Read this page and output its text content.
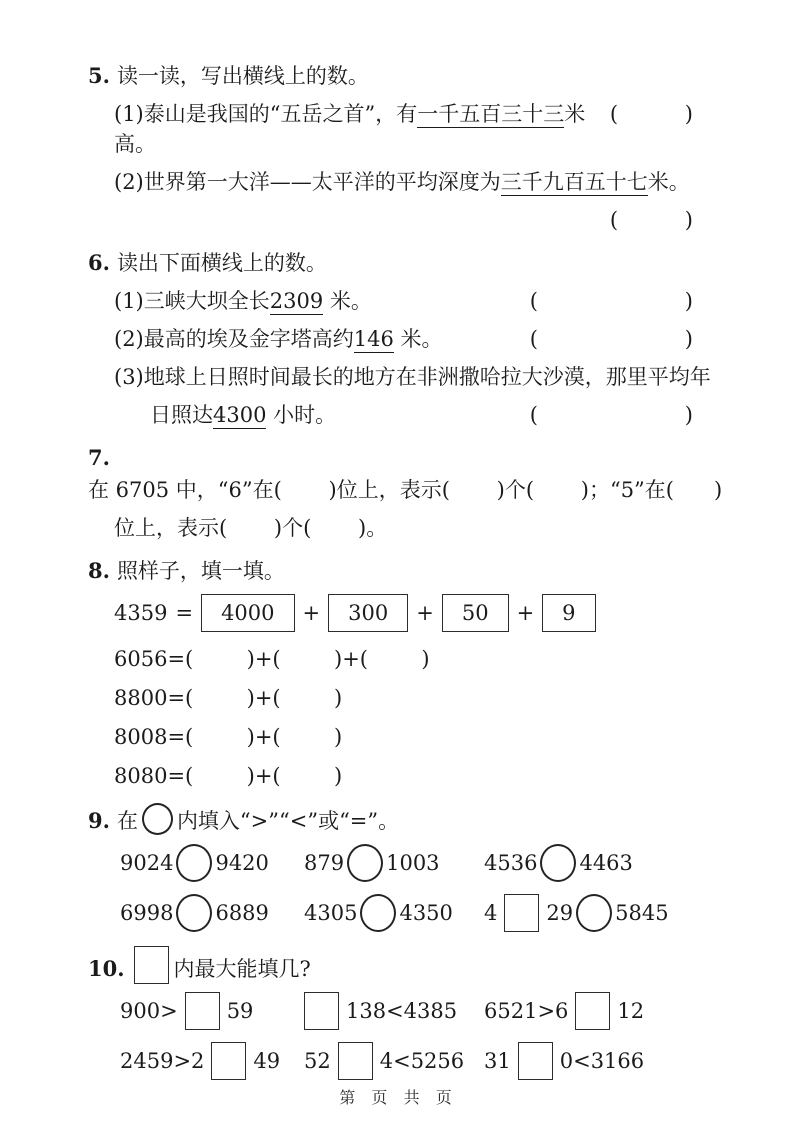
5. 读一读，写出横线上的数。
(1)泰山是我国的“五岳之首”，有一千五百三十三米高。
(          )
(2)世界第一大洋——太平洋的平均深度为三千九百五十七米。
(          )
6. 读出下面横线上的数。
(1)三峡大坝全长2309 米。	(                      )
(2)最高的埃及金字塔高约146 米。	(                      )
(3)地球上日照时间最长的地方在非洲撒哈拉大沙漠，那里平均年
日照达4300 小时。	(                      )
7.在 6705 中，“6”在(       )位上，表示(       )个(       )；“5”在(      )
位上，表示(       )个(       )。
8. 照样子，填一填。
4359 =	4000	+	300	+	50	+	9
6056=(        )+(        )+(        )
8800=(        )+(        )
8008=(        )+(        )
8080=(        )+(        )
9. 在 内填入“>”“<”或“=”。
9024 9420 879 1003 4536 4463
6998 6889 4305 4350 4 29 5845
10. 内最大能填几?
900> 59	138<4385 6521>6 12
2459>2 49 52 4<5256 31 0<3166
第  页  共  页
